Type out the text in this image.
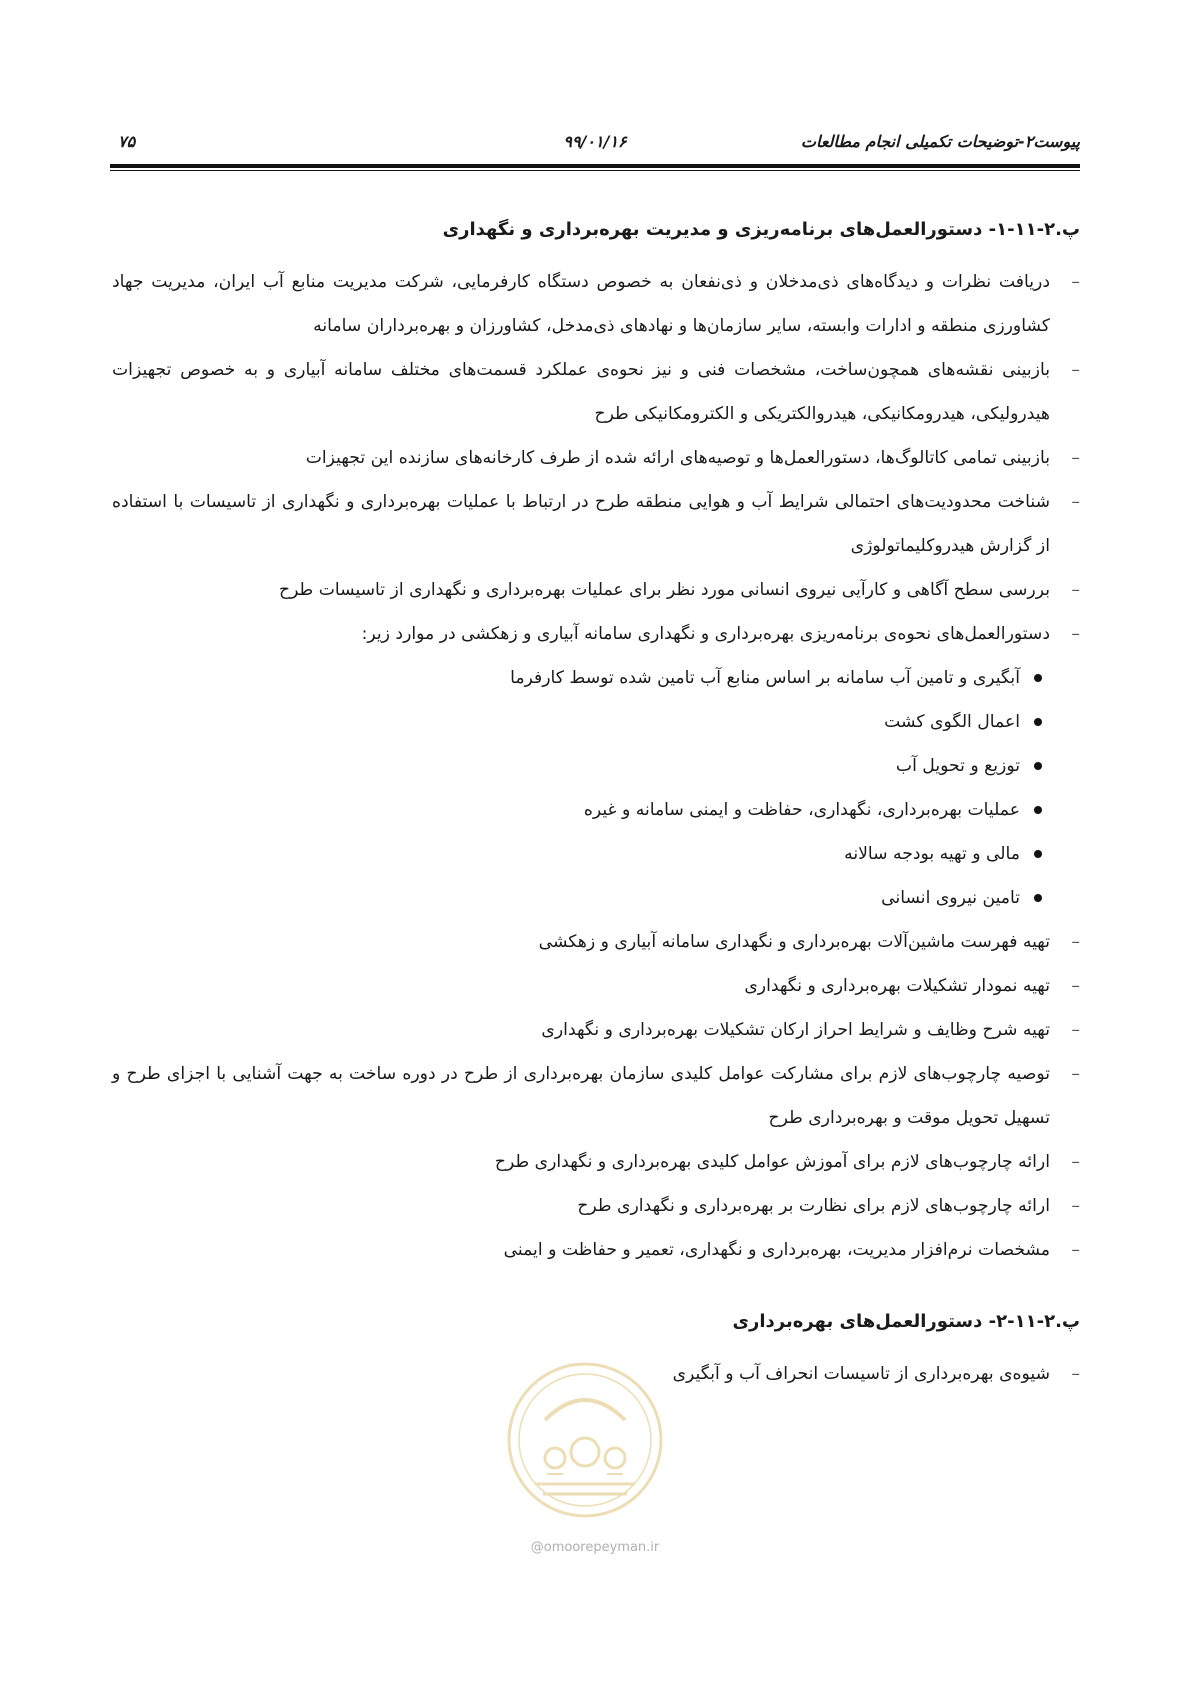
پیوست۲-توضیحات تکمیلی انجام مطالعات
۹۹/۰۱/۱۶
۷۵
پ.۲-۱۱-۱- دستورالعمل‌های برنامه‌ریزی و مدیریت بهره‌برداری و نگهداری
–
دریافت نظرات و دیدگاه‌های ذی‌مدخلان و ذی‌نفعان به خصوص دستگاه کارفرمایی، شرکت مدیریت منابع آب ایران، مدیریت جهاد کشاورزی منطقه و ادارات وابسته، سایر سازمان‌ها و نهادهای ذی‌مدخل، کشاورزان و بهره‌برداران سامانه
–
بازبینی نقشه‌های همچون‌ساخت، مشخصات فنی و نیز نحوه‌ی عملکرد قسمت‌های مختلف سامانه آبیاری و به خصوص تجهیزات هیدرولیکی، هیدرومکانیکی، هیدروالکتریکی و الکترومکانیکی طرح
–
بازبینی تمامی کاتالوگ‌ها، دستورالعمل‌ها و توصیه‌های ارائه شده از طرف کارخانه‌های سازنده این تجهیزات
–
شناخت محدودیت‌های احتمالی شرایط آب و هوایی منطقه طرح در ارتباط با عملیات بهره‌برداری و نگهداری از تاسیسات با استفاده از گزارش هیدروکلیماتولوژی
–
بررسی سطح آگاهی و کارآیی نیروی انسانی مورد نظر برای عملیات بهره‌برداری و نگهداری از تاسیسات طرح
–
دستورالعمل‌های نحوه‌ی برنامه‌ریزی بهره‌برداری و نگهداری سامانه آبیاری و زهکشی در موارد زیر:
آبگیری و تامین آب سامانه بر اساس منابع آب تامین شده توسط کارفرما
اعمال الگوی کشت
توزیع و تحویل آب
عملیات بهره‌برداری، نگهداری، حفاظت و ایمنی سامانه و غیره
مالی و تهیه بودجه سالانه
تامین نیروی انسانی
–
تهیه فهرست ماشین‌آلات بهره‌برداری و نگهداری سامانه آبیاری و زهکشی
–
تهیه نمودار تشکیلات بهره‌برداری و نگهداری
–
تهیه شرح وظایف و شرایط احراز ارکان تشکیلات بهره‌برداری و نگهداری
–
توصیه چارچوب‌های لازم برای مشارکت عوامل کلیدی سازمان بهره‌برداری از طرح در دوره ساخت به جهت آشنایی با اجزای طرح و تسهیل تحویل موقت و بهره‌برداری طرح
–
ارائه چارچوب‌های لازم برای آموزش عوامل کلیدی بهره‌برداری و نگهداری طرح
–
ارائه چارچوب‌های لازم برای نظارت بر بهره‌برداری و نگهداری طرح
–
مشخصات نرم‌افزار مدیریت، بهره‌برداری و نگهداری، تعمیر و حفاظت و ایمنی
پ.۲-۱۱-۲- دستورالعمل‌های بهره‌برداری
–
شیوه‌ی بهره‌برداری از تاسیسات انحراف آب و آبگیری
@omoorepeyman.ir
